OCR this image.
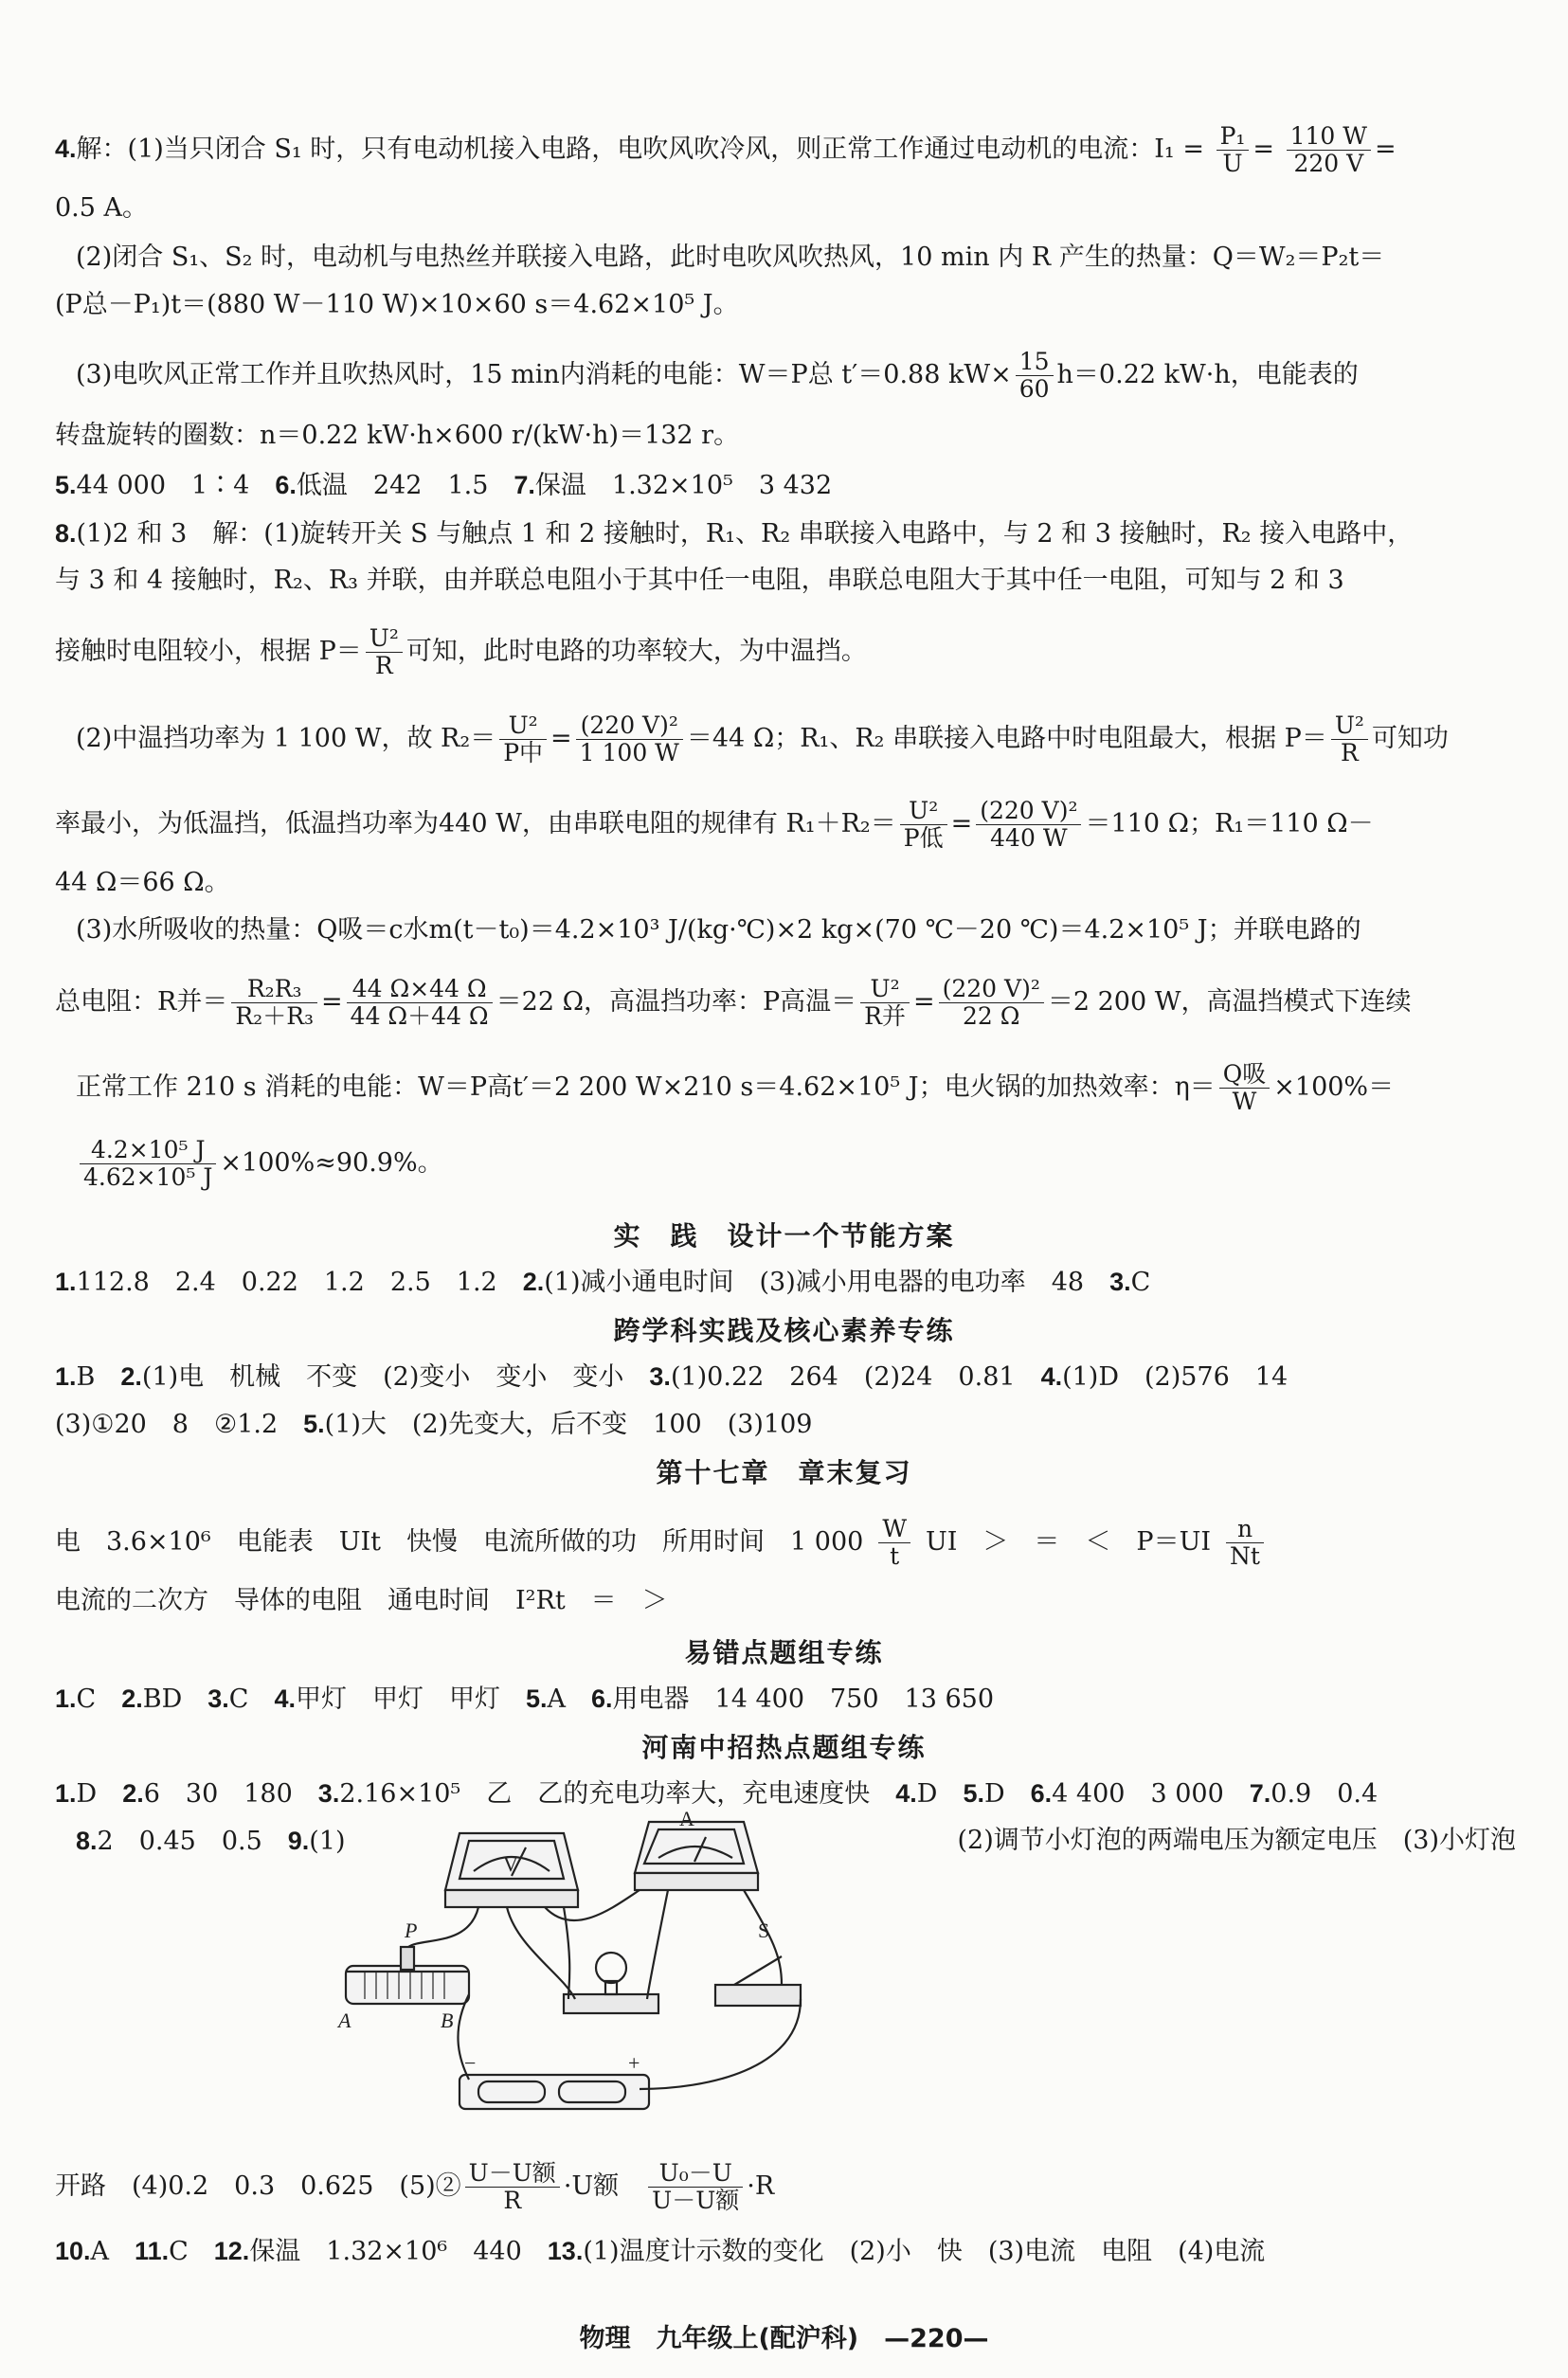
4.解：(1)当只闭合 S₁ 时，只有电动机接入电路，电吹风吹冷风，则正常工作通过电动机的电流：$I_1 = \frac{\text{P₁}}{U} = \frac{110 W}{220 V}$ =
0.5 A。
(2)闭合 S₁、S₂ 时，电动机与电热丝并联接入电路，此时电吹风吹热风，10 min 内 R 产生的热量：Q＝W₂＝P₂t＝
(P总－P₁)t＝(880 W－110 W)×10×60 s＝4.62×10⁵ J。
(3)电吹风正常工作并且吹热风时，15 min内消耗的电能：W＝P总 t′＝0.88 $kW\times \frac{15}{60} h=0.22$ kW·h，电能表的
转盘旋转的圈数：n＝0.22 kW·h×600 r/(kW·h)＝132 r。
5.44 000　1∶4　6.低温　242　1.5　7.保温　1.32×10⁵　3 432
8.(1)2 和 3　解：(1)旋转开关 S 与触点 1 和 2 接触时，R₁、R₂ 串联接入电路中，与 2 和 3 接触时，R₂ 接入电路中，
与 3 和 4 接触时，R₂、R₃ 并联，由并联总电阻小于其中任一电阻，串联总电阻大于其中任一电阻，可知与 2 和 3
接触时电阻较小，根据 $P= \frac{\text{U²}}{R}$ 可知，此时电路的功率较大，为中温挡。
(2)中温挡功率为 1 100 W，故 $R_2= \frac{\text{U²}}{\text{P中}} = \frac{\text{(220 V)²}}{1 100 W} =44$ Ω；R₁、R₂ 串联接入电路中时电阻最大，根据 $P= \frac{\text{U²}}{R}$ 可知功
率最小，为低温挡，低温挡功率为440 W，由串联电阻的规律有 $R_1+R_2= \frac{\text{U²}}{\text{P低}} = \frac{\text{(220 V)²}}{440 W} =110$ Ω；R₁＝110 Ω－
44 Ω＝66 Ω。
(3)水所吸收的热量：Q吸＝c水m(t－t₀)＝4.2×10³ J/(kg·℃)×2 kg×(70 ℃－20 ℃)＝4.2×10⁵ J；并联电路的
总电阻：R并＝ $\frac{\text{R₂R₃}}{\text{R₂＋R₃}} = \frac{44 \Omega\times 44 \Omega}{44 \Omega+44 \Omega} =22$ Ω，高温挡功率：P高温＝ $\frac{\text{U²}}{\text{R并}} = \frac{\text{(220 V)²}}{22 \Omega} =2$ 200 W，高温挡模式下连续
正常工作 210 s 消耗的电能：W＝P高t′＝2 200 W×210 s＝4.62×10⁵ J；电火锅的加热效率：$\eta= \frac{\text{Q吸}}{W} \times 100\%=$
$\frac{\text{4.2×10⁵ J}}{\text{4.62×10⁵ J}} \times 100\%\approx 90.9\%$。
实　践　设计一个节能方案
1.112.8　2.4　0.22　1.2　2.5　1.2　2.(1)减小通电时间　(3)减小用电器的电功率　48　3.C
跨学科实践及核心素养专练
1.B　2.(1)电　机械　不变　(2)变小　变小　变小　3.(1)0.22　264　(2)24　0.81　4.(1)D　(2)576　14
(3)①20　8　②1.2　5.(1)大　(2)先变大，后不变　100　(3)109
第十七章　章末复习
电　3.6×10⁶　电能表　UIt　快慢　电流所做的功　所用时间　1 $000 \frac{W}{t}$ UI　＞　＝　＜　$P=UI \frac{n}{Nt}$
电流的二次方　导体的电阻　通电时间　I²Rt　＝　＞
易错点题组专练
1.C　2.BD　3.C　4.甲灯　甲灯　甲灯　5.A　6.用电器　14 400　750　13 650
河南中招热点题组专练
1.D　2.6　30　180　3.2.16×10⁵　乙　乙的充电功率大，充电速度快　4.D　5.D　6.4 400　3 000　7.0.9　0.4
8.2　0.45　0.5　9.(1)	(2)调节小灯泡的两端电压为额定电压　(3)小灯泡
V
A
S
P
A	B
−	+
开路　(4)0.2　0.3　0.625　(5)② $\frac{\text{U－U额}}{R} \cdot U$额　 $\frac{\text{U₀－U}}{\text{U－U额}} \cdot R$
10.A　11.C　12.保温　1.32×10⁶　440　13.(1)温度计示数的变化　(2)小　快　(3)电流　电阻　(4)电流
物理　九年级上(配沪科)　—220—
